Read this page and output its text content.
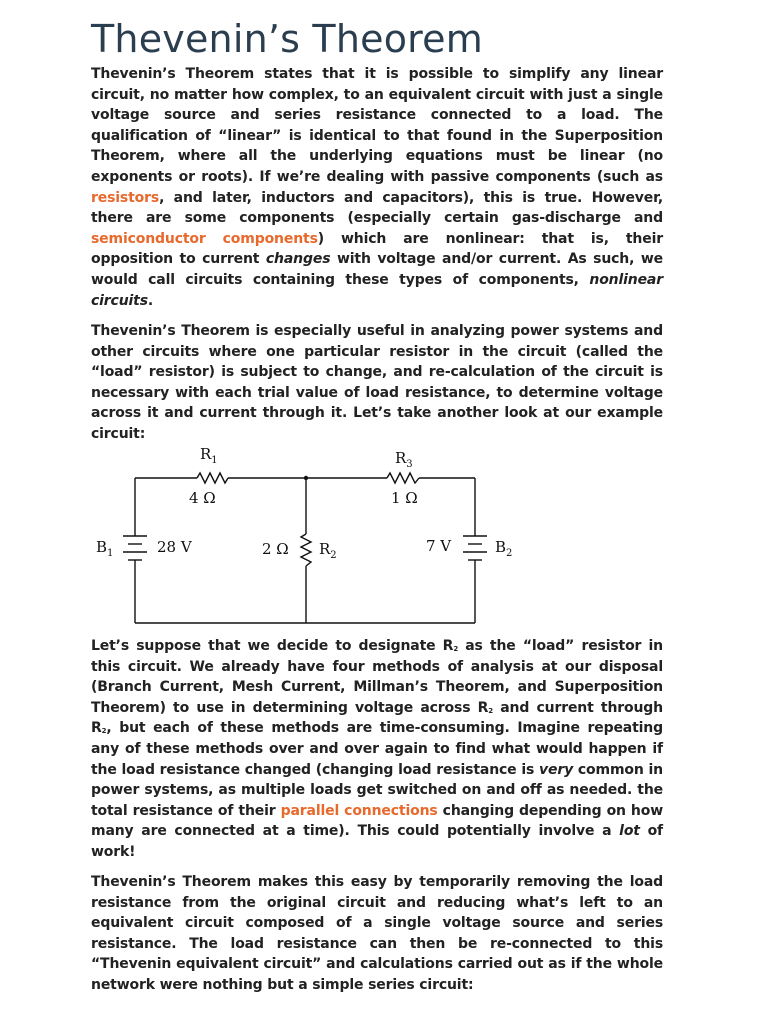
Thevenin’s Theorem

Thevenin’s Theorem states that it is possible to simplify any linear circuit, no matter how complex, to an equivalent circuit with just a single voltage source and series resistance connected to a load. The qualification of “linear” is identical to that found in the Superposition Theorem, where all the underlying equations must be linear (no exponents or roots). If we’re dealing with passive components (such as resistors, and later, inductors and capacitors), this is true. However, there are some components (especially certain gas-discharge and semiconductor components) which are nonlinear: that is, their opposition to current changes with voltage and/or current. As such, we would call circuits containing these types of components, nonlinear circuits.

Thevenin’s Theorem is especially useful in analyzing power systems and other circuits where one particular resistor in the circuit (called the “load” resistor) is subject to change, and re-calculation of the circuit is necessary with each trial value of load resistance, to determine voltage across it and current through it. Let’s take another look at our example circuit:

$R_1$
4 Ω
$R_3$
1 Ω
$B_1$	28 V	2 Ω $R_2$
7 V	$B_2$

Let’s suppose that we decide to designate $R_2$ as the “load” resistor in this circuit. We already have four methods of analysis at our disposal (Branch Current, Mesh Current, Millman’s Theorem, and Superposition Theorem) to use in determining voltage across $R_2$ and current through $R_2$, but each of these methods are time-consuming. Imagine repeating any of these methods over and over again to find what would happen if the load resistance changed (changing load resistance is very common in power systems, as multiple loads get switched on and off as needed. the total resistance of their parallel connections changing depending on how many are connected at a time). This could potentially involve a lot of work!

Thevenin’s Theorem makes this easy by temporarily removing the load resistance from the original circuit and reducing what’s left to an equivalent circuit composed of a single voltage source and series resistance. The load resistance can then be re-connected to this “Thevenin equivalent circuit” and calculations carried out as if the whole network were nothing but a simple series circuit:
